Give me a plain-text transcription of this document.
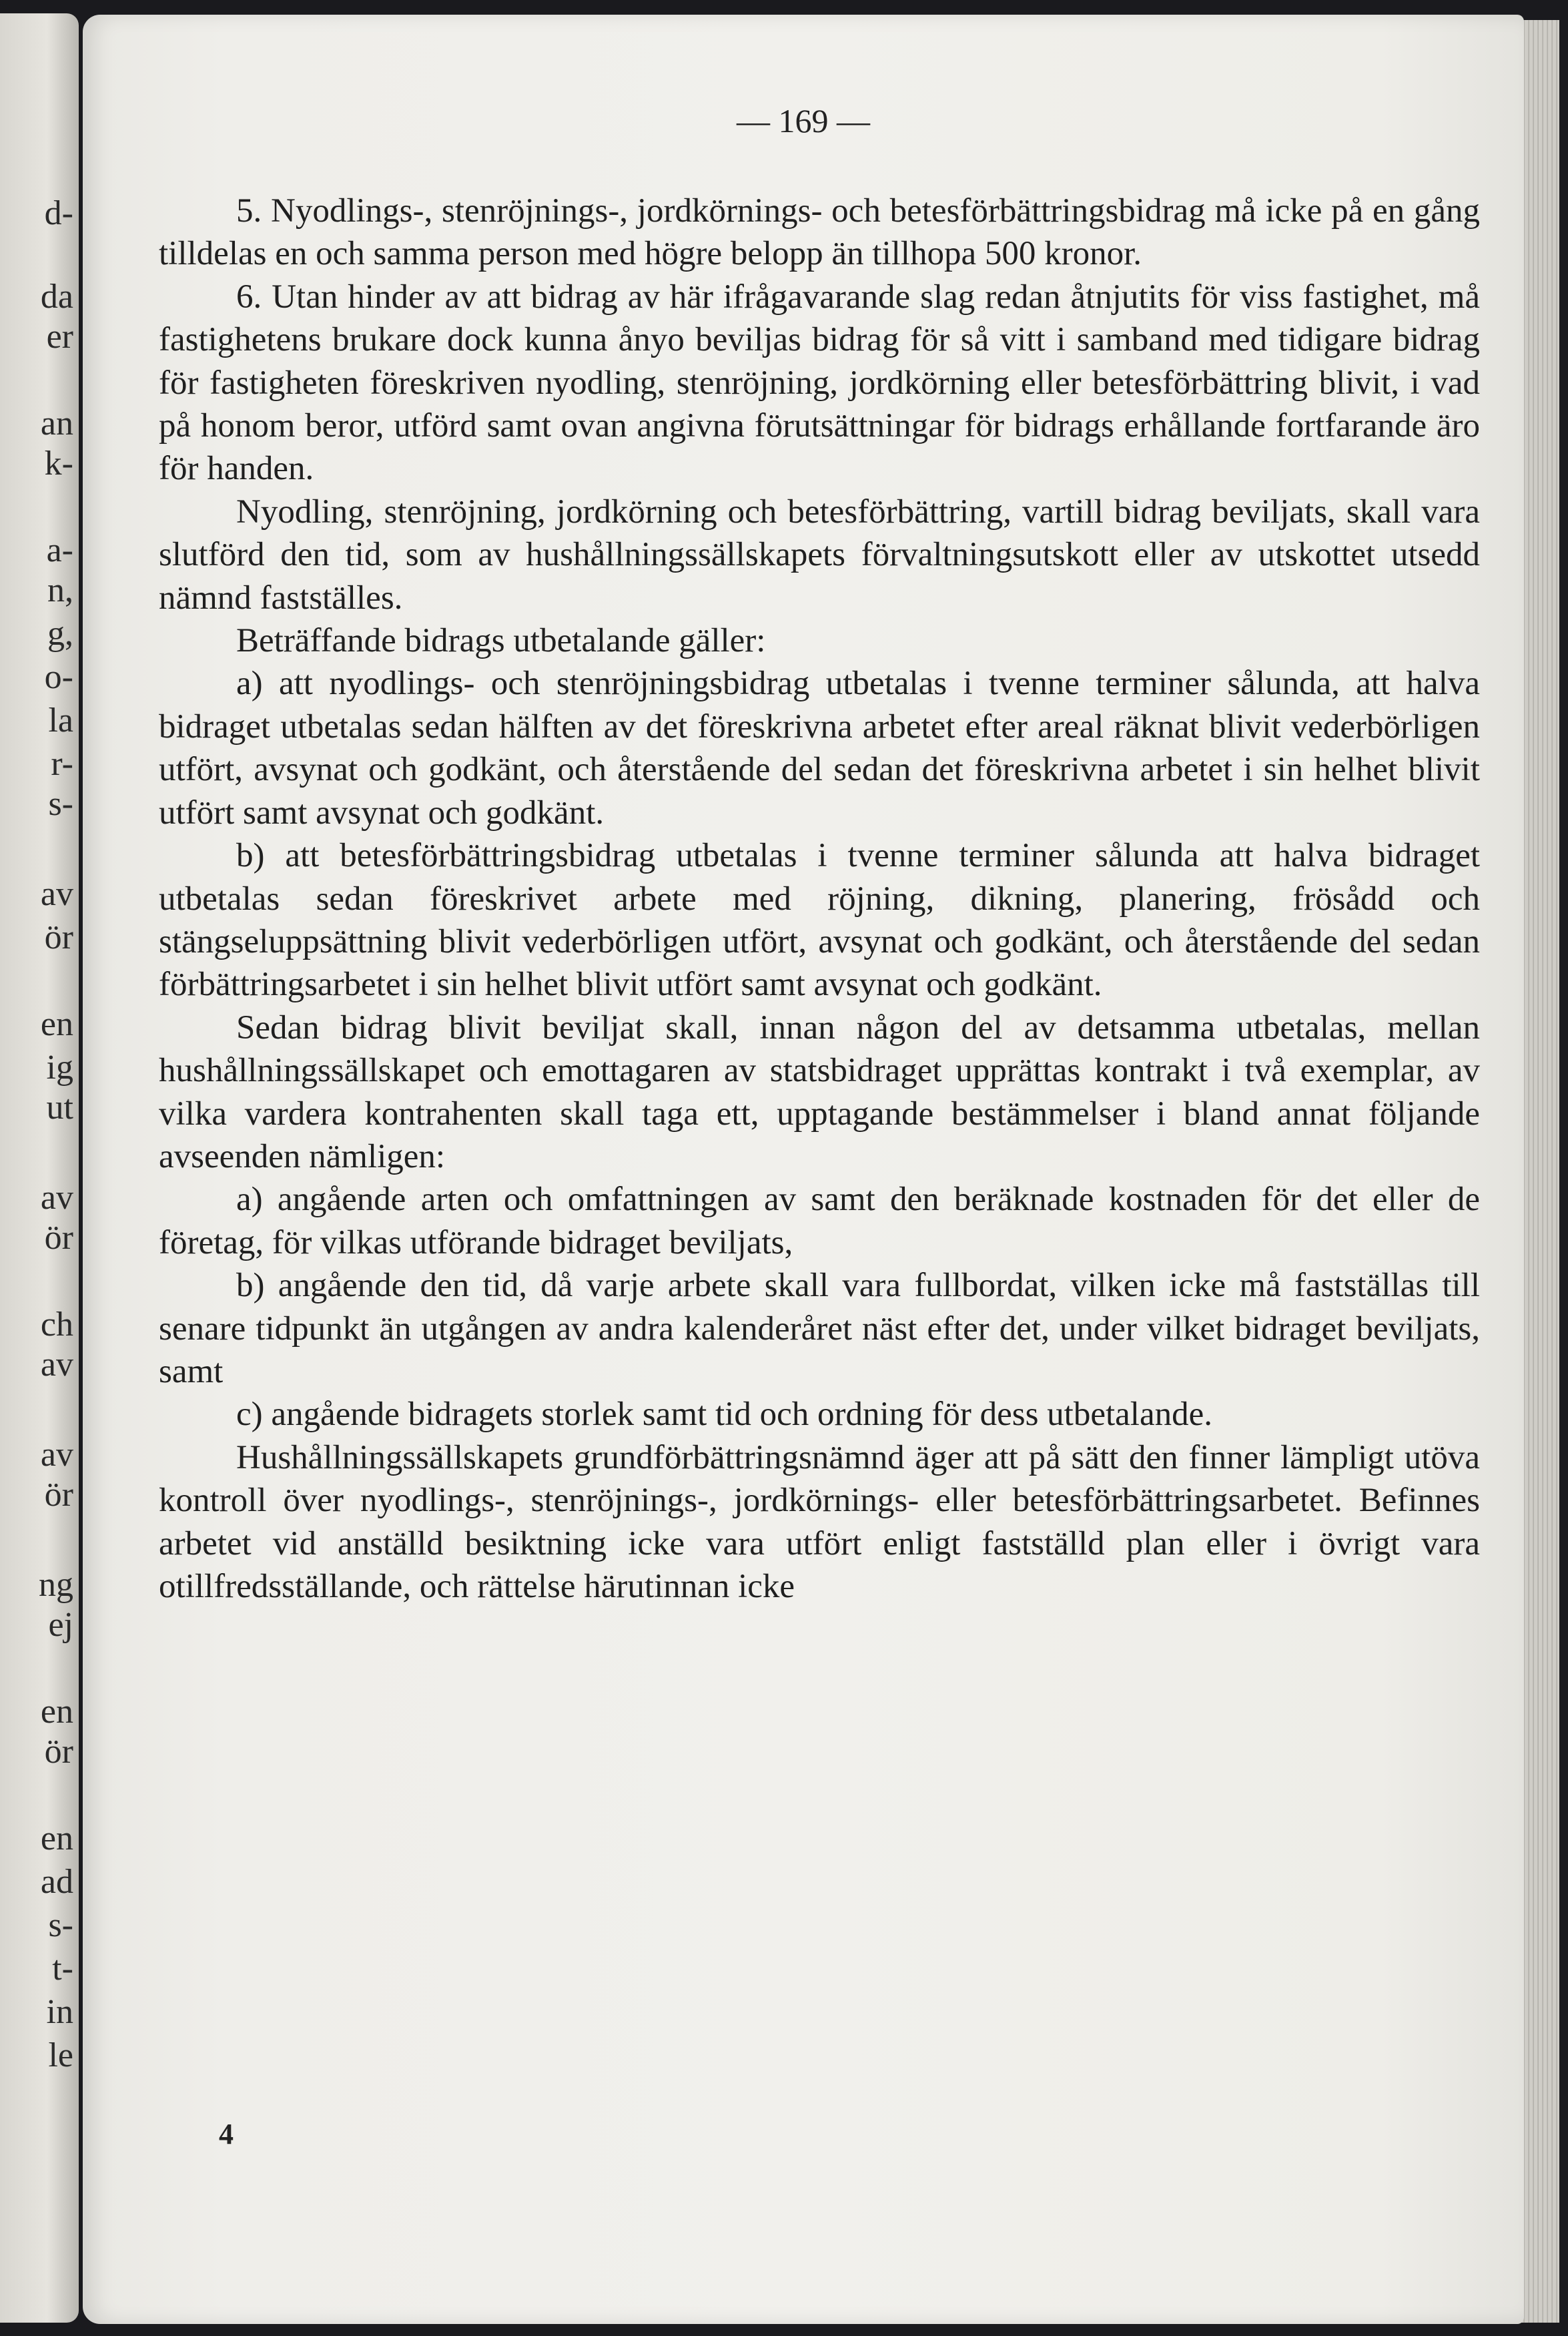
d-
da
er
an
k-
a-
n,
g,
o-
la
r-
s-
av
ör
en
ig
ut
av
ör
ch
av
av
ör
ng
ej
en
ör
en
ad
s-
t-
in
le
— 169 —

5. Nyodlings-, stenröjnings-, jordkörnings- och betesförbättringsbidrag må icke på en gång tilldelas en och samma person med högre belopp än tillhopa 500 kronor.

6. Utan hinder av att bidrag av här ifrågavarande slag redan åtnjutits för viss fastighet, må fastighetens brukare dock kunna ånyo beviljas bidrag för så vitt i samband med tidigare bidrag för fastigheten föreskriven nyodling, stenröjning, jordkörning eller betesförbättring blivit, i vad på honom beror, utförd samt ovan angivna förutsättningar för bidrags erhållande fortfarande äro för handen.

Nyodling, stenröjning, jordkörning och betesförbättring, vartill bidrag beviljats, skall vara slutförd den tid, som av hushållningssällskapets förvaltningsutskott eller av utskottet utsedd nämnd fastställes.

Beträffande bidrags utbetalande gäller:

a) att nyodlings- och stenröjningsbidrag utbetalas i tvenne terminer sålunda, att halva bidraget utbetalas sedan hälften av det föreskrivna arbetet efter areal räknat blivit vederbörligen utfört, avsynat och godkänt, och återstående del sedan det föreskrivna arbetet i sin helhet blivit utfört samt avsynat och godkänt.

b) att betesförbättringsbidrag utbetalas i tvenne terminer sålunda att halva bidraget utbetalas sedan föreskrivet arbete med röjning, dikning, planering, frösådd och stängseluppsättning blivit vederbörligen utfört, avsynat och godkänt, och återstående del sedan förbättringsarbetet i sin helhet blivit utfört samt avsynat och godkänt.

Sedan bidrag blivit beviljat skall, innan någon del av detsamma utbetalas, mellan hushållningssällskapet och emottagaren av statsbidraget upprättas kontrakt i två exemplar, av vilka vardera kontrahenten skall taga ett, upptagande bestämmelser i bland annat följande avseenden nämligen:

a) angående arten och omfattningen av samt den beräknade kostnaden för det eller de företag, för vilkas utförande bidraget beviljats,

b) angående den tid, då varje arbete skall vara fullbordat, vilken icke må fastställas till senare tidpunkt än utgången av andra kalenderåret näst efter det, under vilket bidraget beviljats, samt

c) angående bidragets storlek samt tid och ordning för dess utbetalande.

Hushållningssällskapets grundförbättringsnämnd äger att på sätt den finner lämpligt utöva kontroll över nyodlings-, stenröjnings-, jordkörnings- eller betesförbättringsarbetet. Befinnes arbetet vid anställd besiktning icke vara utfört enligt fastställd plan eller i övrigt vara otillfredsställande, och rättelse härutinnan icke

4
